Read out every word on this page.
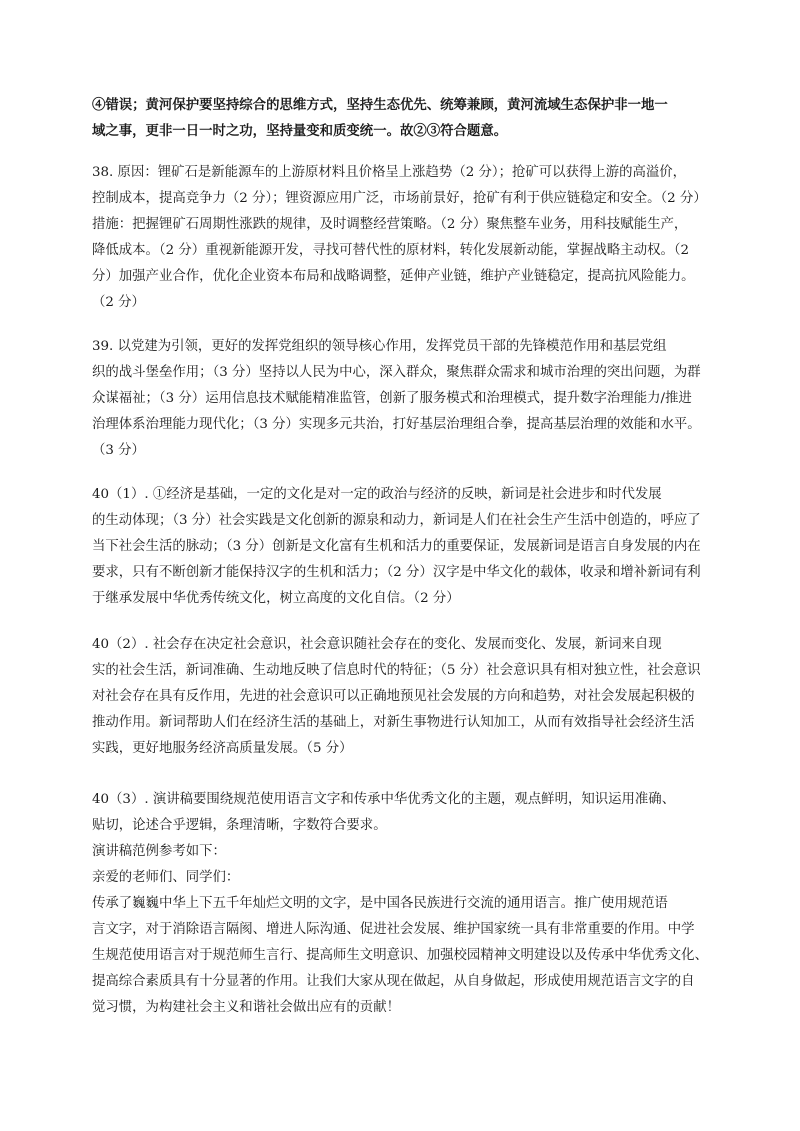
④错误；黄河保护要坚持综合的思维方式，坚持生态优先、统筹兼顾，黄河流域生态保护非一地一
域之事，更非一日一时之功，坚持量变和质变统一。故②③符合题意。

38. 原因：锂矿石是新能源车的上游原材料且价格呈上涨趋势（2 分）；抢矿可以获得上游的高溢价，
控制成本，提高竞争力（2 分）；锂资源应用广泛，市场前景好，抢矿有利于供应链稳定和安全。（2 分）
措施：把握锂矿石周期性涨跌的规律，及时调整经营策略。（2 分）聚焦整车业务，用科技赋能生产，
降低成本。（2 分）重视新能源开发，寻找可替代性的原材料，转化发展新动能，掌握战略主动权。（2
分）加强产业合作，优化企业资本布局和战略调整，延伸产业链，维护产业链稳定，提高抗风险能力。
（2 分）

39. 以党建为引领，更好的发挥党组织的领导核心作用，发挥党员干部的先锋模范作用和基层党组
织的战斗堡垒作用；（3 分）坚持以人民为中心，深入群众，聚焦群众需求和城市治理的突出问题，为群
众谋福祉；（3 分）运用信息技术赋能精准监管，创新了服务模式和治理模式，提升数字治理能力/推进
治理体系治理能力现代化；（3 分）实现多元共治，打好基层治理组合拳，提高基层治理的效能和水平。
（3 分）

40（1）. ①经济是基础，一定的文化是对一定的政治与经济的反映，新词是社会进步和时代发展
的生动体现；（3 分）社会实践是文化创新的源泉和动力，新词是人们在社会生产生活中创造的，呼应了
当下社会生活的脉动；（3 分）创新是文化富有生机和活力的重要保证，发展新词是语言自身发展的内在
要求，只有不断创新才能保持汉字的生机和活力；（2 分）汉字是中华文化的载体，收录和增补新词有利
于继承发展中华优秀传统文化，树立高度的文化自信。（2 分）

40（2）. 社会存在决定社会意识，社会意识随社会存在的变化、发展而变化、发展，新词来自现
实的社会生活，新词准确、生动地反映了信息时代的特征；（5 分）社会意识具有相对独立性，社会意识
对社会存在具有反作用，先进的社会意识可以正确地预见社会发展的方向和趋势，对社会发展起积极的
推动作用。新词帮助人们在经济生活的基础上，对新生事物进行认知加工，从而有效指导社会经济生活
实践，更好地服务经济高质量发展。（5 分）

40（3）. 演讲稿要围绕规范使用语言文字和传承中华优秀文化的主题，观点鲜明，知识运用准确、
贴切，论述合乎逻辑，条理清晰，字数符合要求。
演讲稿范例参考如下：
亲爱的老师们、同学们：
传承了巍巍中华上下五千年灿烂文明的文字，是中国各民族进行交流的通用语言。推广使用规范语
言文字，对于消除语言隔阂、增进人际沟通、促进社会发展、维护国家统一具有非常重要的作用。中学
生规范使用语言对于规范师生言行、提高师生文明意识、加强校园精神文明建设以及传承中华优秀文化、
提高综合素质具有十分显著的作用。让我们大家从现在做起，从自身做起，形成使用规范语言文字的自
觉习惯，为构建社会主义和谐社会做出应有的贡献！
